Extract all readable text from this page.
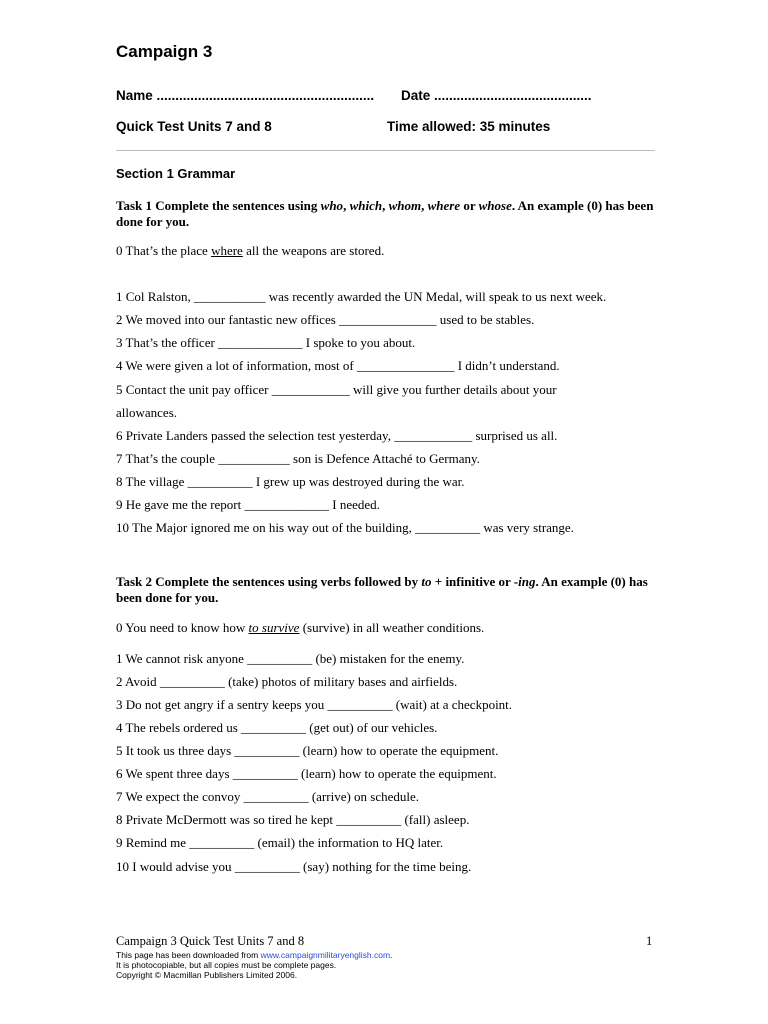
Campaign 3
Name .......................................................... Date ..........................................
Quick Test Units 7 and 8	Time allowed: 35 minutes
Section 1 Grammar
Task 1 Complete the sentences using who, which, whom, where or whose. An example (0) has been done for you.
0 That’s the place where all the weapons are stored.
1 Col Ralston, ___________ was recently awarded the UN Medal, will speak to us next week.
2 We moved into our fantastic new offices _______________ used to be stables.
3 That’s the officer _____________ I spoke to you about.
4 We were given a lot of information, most of _______________ I didn’t understand.
5 Contact the unit pay officer ____________ will give you further details about your
allowances.
6 Private Landers passed the selection test yesterday, ____________ surprised us all.
7 That’s the couple ___________ son is Defence Attaché to Germany.
8 The village __________ I grew up was destroyed during the war.
9 He gave me the report _____________ I needed.
10 The Major ignored me on his way out of the building, __________ was very strange.
Task 2 Complete the sentences using verbs followed by to + infinitive or -ing. An example (0) has been done for you.
0 You need to know how to survive (survive) in all weather conditions.
1 We cannot risk anyone __________ (be) mistaken for the enemy.
2 Avoid __________ (take) photos of military bases and airfields.
3 Do not get angry if a sentry keeps you __________ (wait) at a checkpoint.
4 The rebels ordered us __________ (get out) of our vehicles.
5 It took us three days __________ (learn) how to operate the equipment.
6 We spent three days __________ (learn) how to operate the equipment.
7 We expect the convoy __________ (arrive) on schedule.
8 Private McDermott was so tired he kept __________ (fall) asleep.
9 Remind me __________ (email) the information to HQ later.
10 I would advise you __________ (say) nothing for the time being.
Campaign 3 Quick Test Units 7 and 8	1
This page has been downloaded from www.campaignmilitaryenglish.com.
It is photocopiable, but all copies must be complete pages.
Copyright © Macmillan Publishers Limited 2006.
